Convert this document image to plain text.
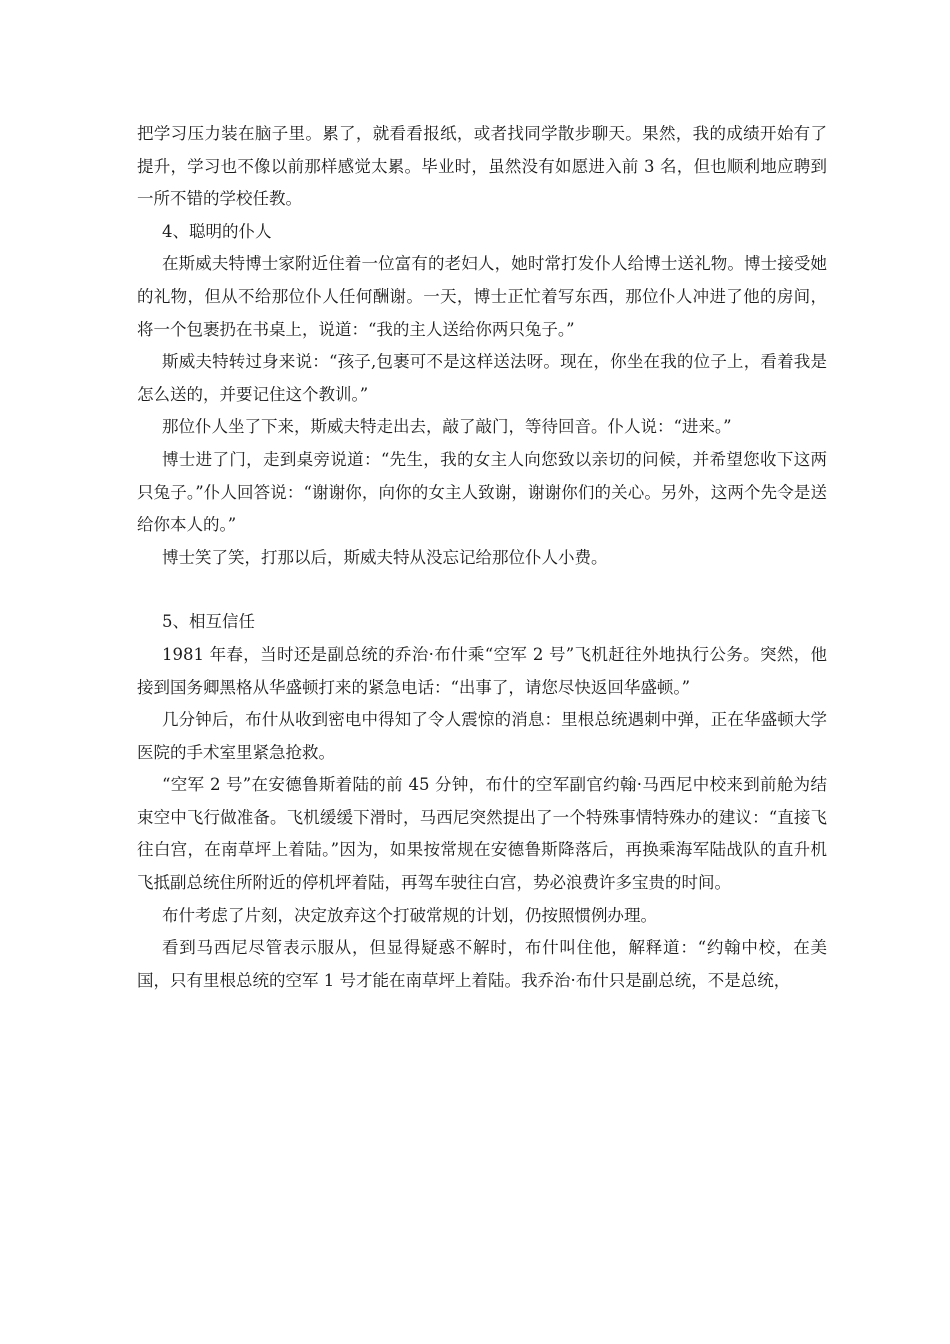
把学习压力装在脑子里。累了，就看看报纸，或者找同学散步聊天。果然，我的成绩开始有了提升，学习也不像以前那样感觉太累。毕业时，虽然没有如愿进入前 3 名，但也顺利地应聘到一所不错的学校任教。

4、聪明的仆人

在斯威夫特博士家附近住着一位富有的老妇人，她时常打发仆人给博士送礼物。博士接受她的礼物，但从不给那位仆人任何酬谢。一天，博士正忙着写东西，那位仆人冲进了他的房间，将一个包裹扔在书桌上，说道：“我的主人送给你两只兔子。”

斯威夫特转过身来说：“孩子,包裹可不是这样送法呀。现在，你坐在我的位子上，看着我是怎么送的，并要记住这个教训。”

那位仆人坐了下来，斯威夫特走出去，敲了敲门，等待回音。仆人说：“进来。”

博士进了门，走到桌旁说道：“先生，我的女主人向您致以亲切的问候，并希望您收下这两只兔子。”仆人回答说：“谢谢你，向你的女主人致谢，谢谢你们的关心。另外，这两个先令是送给你本人的。”

博士笑了笑，打那以后，斯威夫特从没忘记给那位仆人小费。

5、相互信任

1981 年春，当时还是副总统的乔治·布什乘“空军 2 号”飞机赶往外地执行公务。突然，他接到国务卿黑格从华盛顿打来的紧急电话：“出事了，请您尽快返回华盛顿。”

几分钟后，布什从收到密电中得知了令人震惊的消息：里根总统遇刺中弹，正在华盛顿大学医院的手术室里紧急抢救。

“空军 2 号”在安德鲁斯着陆的前 45 分钟，布什的空军副官约翰·马西尼中校来到前舱为结束空中飞行做准备。飞机缓缓下滑时，马西尼突然提出了一个特殊事情特殊办的建议：“直接飞往白宫，在南草坪上着陆。”因为，如果按常规在安德鲁斯降落后，再换乘海军陆战队的直升机飞抵副总统住所附近的停机坪着陆，再驾车驶往白宫，势必浪费许多宝贵的时间。

布什考虑了片刻，决定放弃这个打破常规的计划，仍按照惯例办理。

看到马西尼尽管表示服从，但显得疑惑不解时，布什叫住他，解释道：“约翰中校，在美国，只有里根总统的空军 1 号才能在南草坪上着陆。我乔治·布什只是副总统，不是总统，
